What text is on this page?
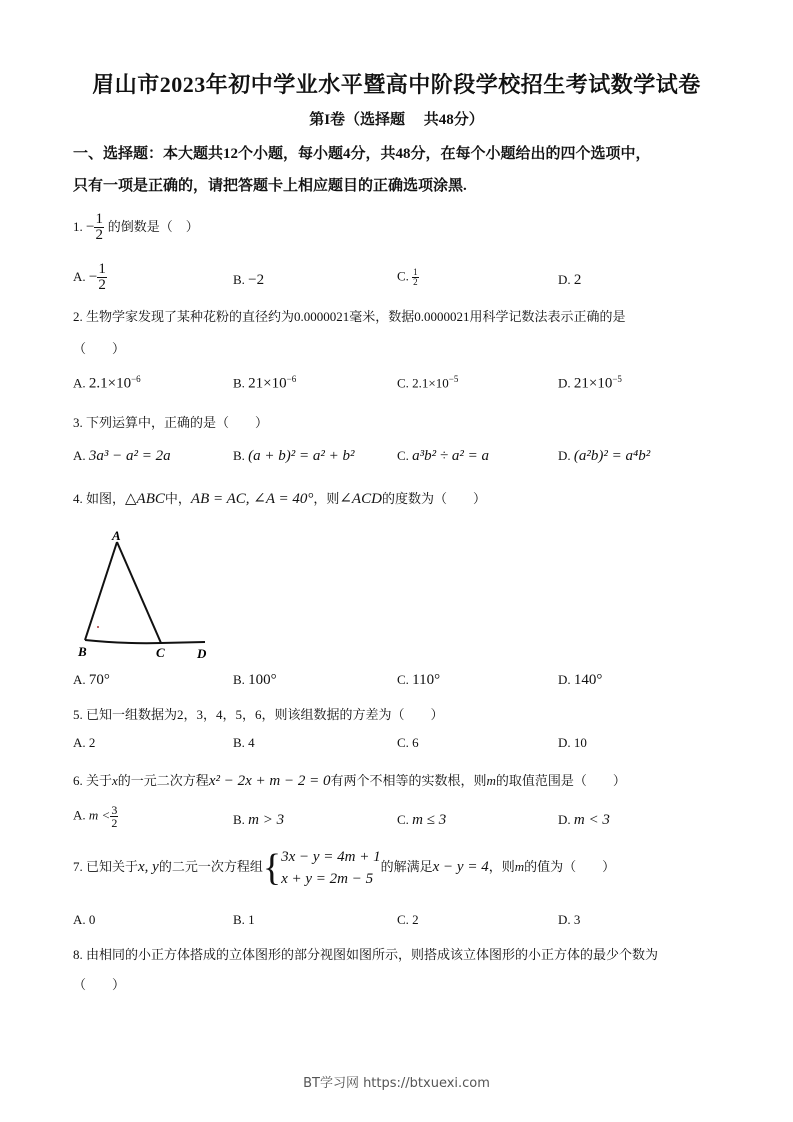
眉山市2023年初中学业水平暨高中阶段学校招生考试数学试卷
第I卷（选择题　 共48分）
一、选择题：本大题共12个小题，每小题4分，共48分，在每个小题给出的四个选项中，
只有一项是正确的，请把答题卡上相应题目的正确选项涂黑.
1. − $\frac{1}{2}$ 的倒数是（　）
A. − $\frac{1}{2}$	B. −2	C. $\frac{1}{2}$	D. 2
2. 生物学家发现了某种花粉的直径约为0.0000021毫米，数据0.0000021用科学记数法表示正确的是
（　　）
A. $2.1\times 10^{-6}$	B. $21\times 10^{-6}$	C. $2.1\times 10^{-5}$	D. $21\times 10^{-5}$
3. 下列运算中，正确的是（　　）
A. 3a³ − a² = 2a	B. (a + b)² = a² + b²	C. a³b² ÷ a² = a	D. (a²b)² = a⁴b²
4. 如图，△ABC中，AB = AC, ∠A = 40°，则∠ACD的度数为（　　）
A
B	C D
A. 70°	B. 100°	C. 110°	D. 140°
5. 已知一组数据为2，3，4，5，6，则该组数据的方差为（　　）
A. 2	B. 4	C. 6	D. 10
6. 关于x的一元二次方程x² − 2x + m − 2 = 0有两个不相等的实数根，则m的取值范围是（　　）
A. $m < \frac{3}{2}$	B. m > 3	C. m ≤ 3	D. m < 3
7. 已知关于x, y的二元一次方程组{ 3x − y = 4m + 1
x + y = 2m − 5
的解满足x − y = 4，则m的值为（　　）
A. 0	B. 1	C. 2	D. 3
8. 由相同的小正方体搭成的立体图形的部分视图如图所示，则搭成该立体图形的小正方体的最少个数为
（　　）
BT学习网 https://btxuexi.com
